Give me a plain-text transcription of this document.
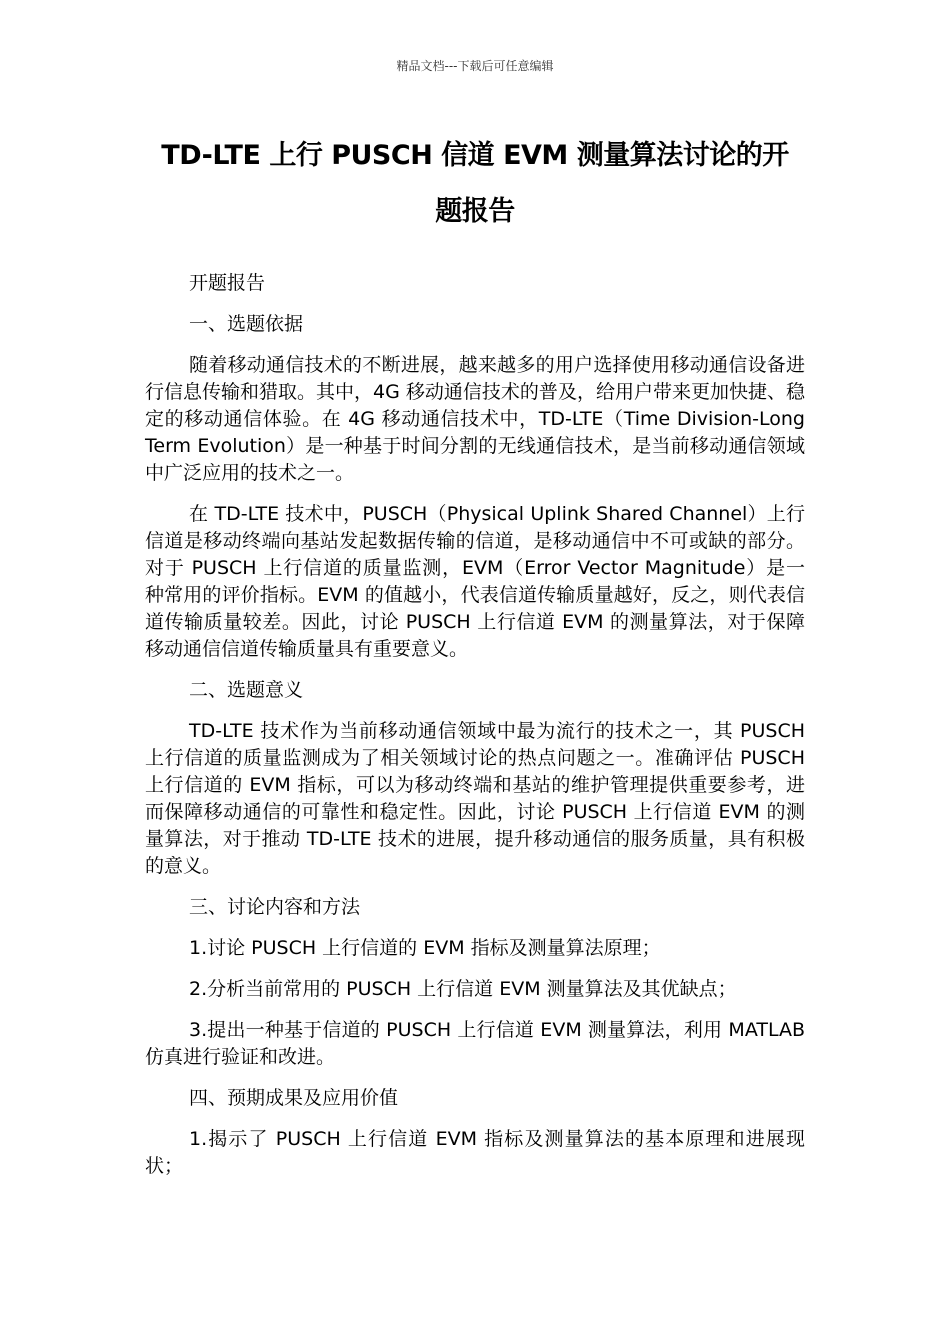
精品文档---下载后可任意编辑
TD-LTE 上行 PUSCH 信道 EVM 测量算法讨论的开
题报告

开题报告

一、选题依据

随着移动通信技术的不断进展，越来越多的用户选择使用移动通信设备进行信息传输和猎取。其中，4G 移动通信技术的普及，给用户带来更加快捷、稳定的移动通信体验。在 4G 移动通信技术中，TD-LTE（Time Division-Long Term Evolution）是一种基于时间分割的无线通信技术，是当前移动通信领域中广泛应用的技术之一。

在 TD-LTE 技术中，PUSCH（Physical Uplink Shared Channel）上行信道是移动终端向基站发起数据传输的信道，是移动通信中不可或缺的部分。对于 PUSCH 上行信道的质量监测，EVM（Error Vector Magnitude）是一种常用的评价指标。EVM 的值越小，代表信道传输质量越好，反之，则代表信道传输质量较差。因此，讨论 PUSCH 上行信道 EVM 的测量算法，对于保障移动通信信道传输质量具有重要意义。

二、选题意义

TD-LTE 技术作为当前移动通信领域中最为流行的技术之一，其 PUSCH 上行信道的质量监测成为了相关领域讨论的热点问题之一。准确评估 PUSCH 上行信道的 EVM 指标，可以为移动终端和基站的维护管理提供重要参考，进而保障移动通信的可靠性和稳定性。因此，讨论 PUSCH 上行信道 EVM 的测量算法，对于推动 TD-LTE 技术的进展，提升移动通信的服务质量，具有积极的意义。

三、讨论内容和方法

1.讨论 PUSCH 上行信道的 EVM 指标及测量算法原理；

2.分析当前常用的 PUSCH 上行信道 EVM 测量算法及其优缺点；

3.提出一种基于信道的 PUSCH 上行信道 EVM 测量算法，利用 MATLAB 仿真进行验证和改进。

四、预期成果及应用价值

1.揭示了 PUSCH 上行信道 EVM 指标及测量算法的基本原理和进展现状；
